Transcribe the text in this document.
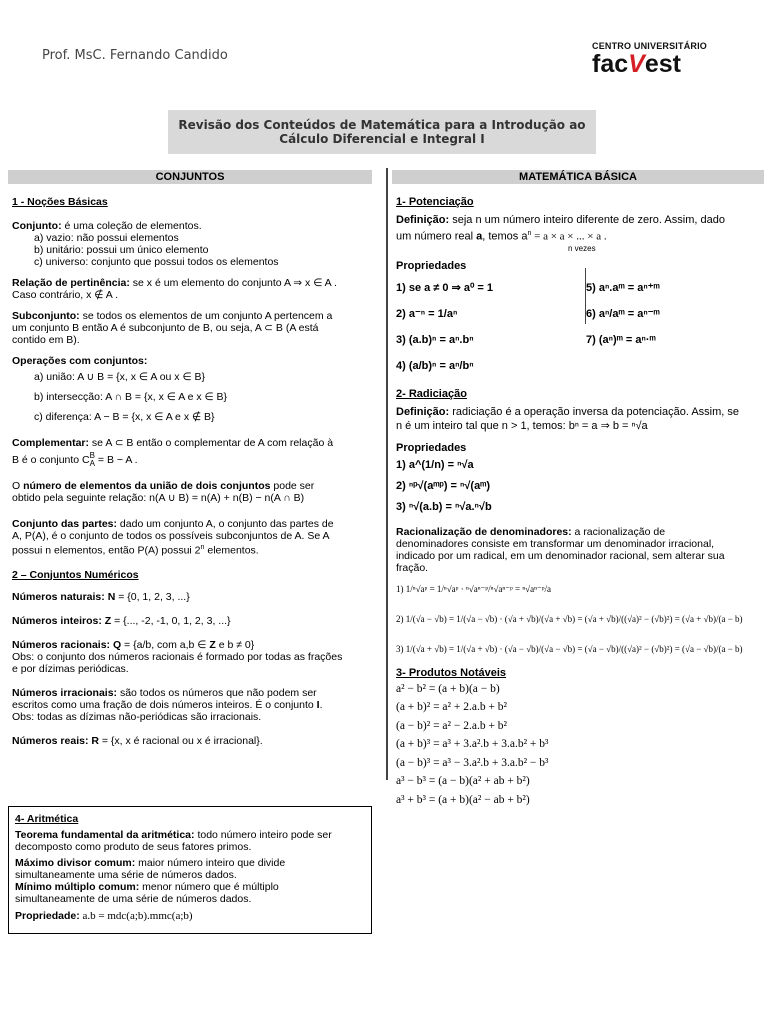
Prof. MsC. Fernando Candido
CENTRO UNIVERSITÁRIO
facVest
Revisão dos Conteúdos de Matemática para a Introdução ao
Cálculo Diferencial e Integral I
CONJUNTOS	MATEMÁTICA BÁSICA
1 - Noções Básicas
Conjunto: é uma coleção de elementos.
a) vazio: não possui elementos
b) unitário: possui um único elemento
c) universo: conjunto que possui todos os elementos
Relação de pertinência: se x é um elemento do conjunto A ⇒ x ∈ A .
Caso contrário, x ∉ A .
Subconjunto: se todos os elementos de um conjunto A pertencem a
um conjunto B então A é subconjunto de B, ou seja, A ⊂ B (A está
contido em B).
Operações com conjuntos:
a) união: A ∪ B = {x, x ∈ A ou x ∈ B}
b) intersecção: A ∩ B = {x, x ∈ A e x ∈ B}
c) diferença: A − B = {x, x ∈ A e x ∉ B}
Complementar: se A ⊂ B então o complementar de A com relação à
B é o conjunto C B
A = B − A .
O número de elementos da união de dois conjuntos pode ser
obtido pela seguinte relação: n(A ∪ B) = n(A) + n(B) − n(A ∩ B)
Conjunto das partes: dado um conjunto A, o conjunto das partes de
A, P(A), é o conjunto de todos os possíveis subconjuntos de A. Se A
possui n elementos, então P(A) possui 2$^n$ elementos.
2 – Conjuntos Numéricos
Números naturais: N = {0, 1, 2, 3, ...}
Números inteiros: Z = {..., -2, -1, 0, 1, 2, 3, ...}
Números racionais: Q = {a/b, com a,b ∈ Z e b ≠ 0}
Obs: o conjunto dos números racionais é formado por todas as frações
e por dízimas periódicas.
Números irracionais: são todos os números que não podem ser
escritos como uma fração de dois números inteiros. É o conjunto I.
Obs: todas as dízimas não-periódicas são irracionais.
Números reais: R = {x, x é racional ou x é irracional}.
4- Aritmética
Teorema fundamental da aritmética: todo número inteiro pode ser
decomposto como produto de seus fatores primos.
Máximo divisor comum: maior número inteiro que divide
simultaneamente uma série de números dados.
Mínimo múltiplo comum: menor número que é múltiplo
simultaneamente de uma série de números dados.
Propriedade: a.b = mdc(a;b).mmc(a;b)
1- Potenciação
Definição: seja n um número inteiro diferente de zero. Assim, dado
um número real a, temos $a^n = a \times a$ × ... × a .
n vezes
Propriedades
1) se a ≠ 0 ⇒ a⁰ = 1
2) a⁻ⁿ = 1/aⁿ
3) (a.b)ⁿ = aⁿ.bⁿ
4) (a/b)ⁿ = aⁿ/bⁿ
5) aⁿ.aᵐ = aⁿ⁺ᵐ
6) aⁿ/aᵐ = aⁿ⁻ᵐ
7) (aⁿ)ᵐ = aⁿ·ᵐ
2- Radiciação
Definição: radiciação é a operação inversa da potenciação. Assim, se
n é um inteiro tal que n > 1, temos: bⁿ = a ⇒ b = ⁿ√a
Propriedades
1) a^(1/n) = ⁿ√a
2) ⁿᵖ√(aᵐᵖ) = ⁿ√(aᵐ)
3) ⁿ√(a.b) = ⁿ√a.ⁿ√b
Racionalização de denominadores: a racionalização de
denominadores consiste em transformar um denominador irracional,
indicado por um radical, em um denominador racional, sem alterar sua
fração.
1) 1/ⁿ√aᵖ = 1/ⁿ√aᵖ · ⁿ√aⁿ⁻ᵖ/ⁿ√aⁿ⁻ᵖ = ⁿ√aⁿ⁻ᵖ/a
2) 1/(√a − √b) = 1/(√a − √b) · (√a + √b)/(√a + √b) = (√a + √b)/((√a)² − (√b)²) = (√a + √b)/(a − b)
3) 1/(√a + √b) = 1/(√a + √b) · (√a − √b)/(√a − √b) = (√a − √b)/((√a)² − (√b)²) = (√a − √b)/(a − b)
3- Produtos Notáveis
a² − b² = (a + b)(a − b)
(a + b)² = a² + 2.a.b + b²
(a − b)² = a² − 2.a.b + b²
(a + b)³ = a³ + 3.a².b + 3.a.b² + b³
(a − b)³ = a³ − 3.a².b + 3.a.b² − b³
a³ − b³ = (a − b)(a² + ab + b²)
a³ + b³ = (a + b)(a² − ab + b²)
